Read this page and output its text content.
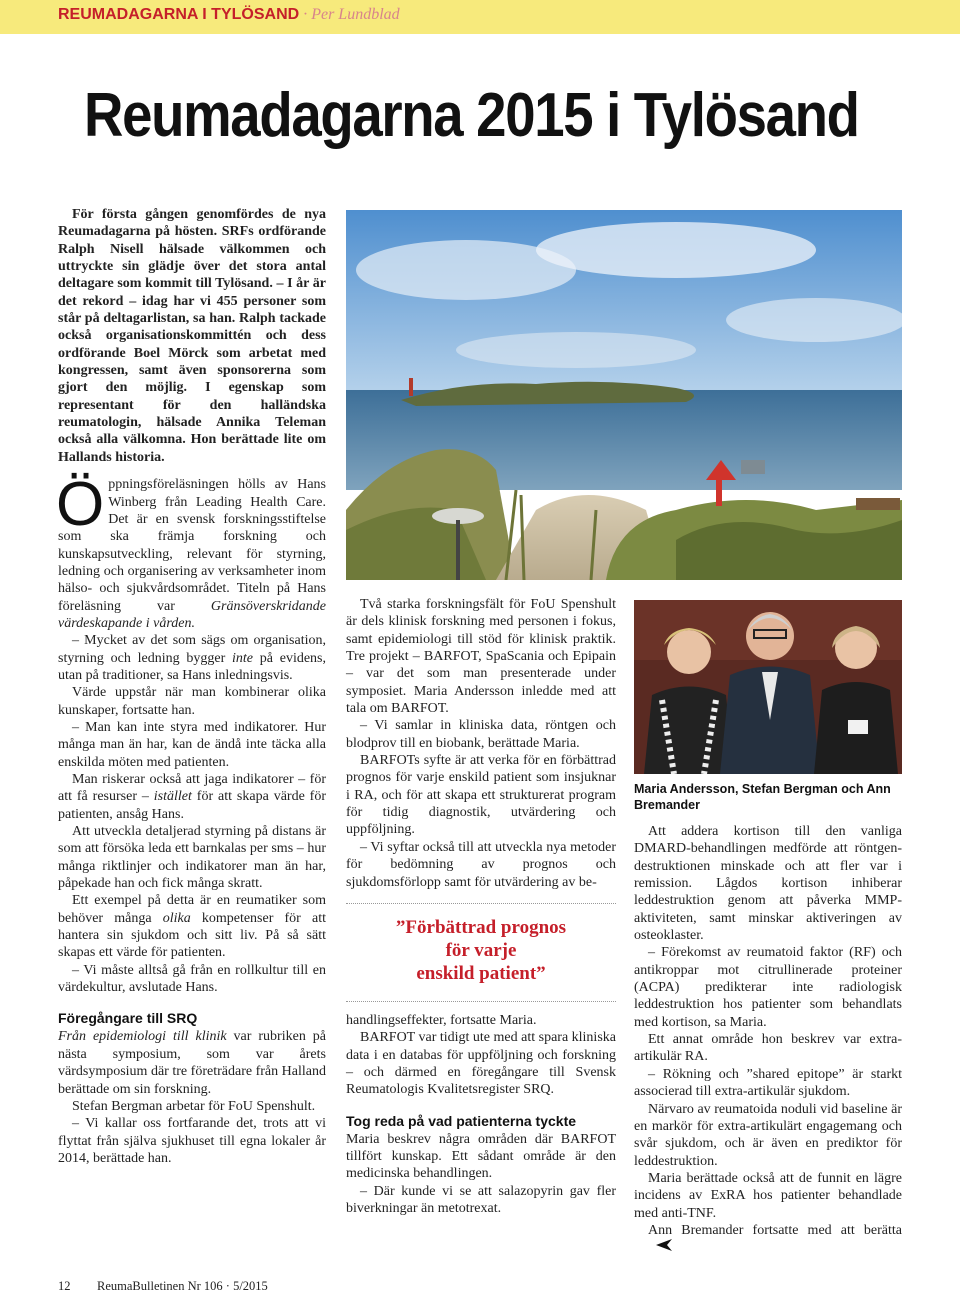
REUMADAGARNA I TYLÖSAND · Per Lundblad
Reumadagarna 2015 i Tylösand

För första gången genomfördes de nya Reumadagarna på hösten. SRFs ordförande Ralph Nisell hälsade välkommen och uttryckte sin glädje över det stora antal deltagare som kommit till Tylösand. – I år är det rekord – idag har vi 455 personer som står på deltagarlistan, sa han. Ralph tackade också organisationskommittén och dess ordförande Boel Mörck som arbetat med kongressen, samt även sponsorerna som gjort den möjlig. I egenskap som representant för den halländska reumatologin, hälsade Annika Teleman också alla välkomna. Hon berättade lite om Hallands historia.

Öppningsföreläsningen hölls av Hans Winberg från Leading Health Care. Det är en svensk forskningsstiftelse som ska främja forskning och kunskapsutveckling, relevant för styrning, ledning och organisering av verksamheter inom hälso- och sjukvårdsområdet. Titeln på Hans föreläsning var Gränsöverskridande värdeskapande i vården.

– Mycket av det som sägs om organisation, styrning och ledning bygger inte på evidens, utan på traditioner, sa Hans inledningsvis.

Värde uppstår när man kombinerar olika kunskaper, fortsatte han.

– Man kan inte styra med indikatorer. Hur många man än har, kan de ändå inte täcka alla enskilda möten med patienten.

Man riskerar också att jaga indikatorer – för att få resurser – istället för att skapa värde för patienten, ansåg Hans.

Att utveckla detaljerad styrning på distans är som att försöka leda ett barnkalas per sms – hur många riktlinjer och indikatorer man än har, påpekade han och fick många skratt.

Ett exempel på detta är en reumatiker som behöver många olika kompetenser för att hantera sin sjukdom och sitt liv. På så sätt skapas ett värde för patienten.

– Vi måste alltså gå från en rollkultur till en värdekultur, avslutade Hans.

Föregångare till SRQ

Från epidemiologi till klinik var rubriken på nästa symposium, som var årets värdsymposium där tre företrädare från Halland berättade om sin forskning.

Stefan Bergman arbetar för FoU Spenshult.

– Vi kallar oss fortfarande det, trots att vi flyttat från själva sjukhuset till egna lokaler år 2014, berättade han.

Två starka forskningsfält för FoU Spenshult är dels klinisk forskning med personen i fokus, samt epidemiologi till stöd för klinisk praktik. Tre projekt – BARFOT, SpaScania och Epipain – var det som man presenterade under symposiet. Maria Andersson inledde med att tala om BARFOT.

– Vi samlar in kliniska data, röntgen och blodprov till en biobank, berättade Maria.

BARFOTs syfte är att verka för en förbättrad prognos för varje enskild patient som insjuknar i RA, och för att skapa ett strukturerat program för tidig diagnostik, utvärdering och uppföljning.

– Vi syftar också till att utveckla nya metoder för bedömning av prognos och sjukdomsförlopp samt för utvärdering av be-

”Förbättrad prognos
för varje
enskild patient”

handlingseffekter, fortsatte Maria.

BARFOT var tidigt ute med att spara kliniska data i en databas för uppföljning och forskning – och därmed en föregångare till Svensk Reumatologis Kvalitetsregister SRQ.

Tog reda på vad patienterna tyckte

Maria beskrev några områden där BARFOT tillfört kunskap. Ett sådant område är den medicinska behandlingen.

– Där kunde vi se att salazopyrin gav fler biverkningar än metotrexat.

Maria Andersson, Stefan Bergman och Ann Bremander

Att addera kortison till den vanliga DMARD-behandlingen medförde att röntgen-destruktionen minskade och att fler var i remission. Lågdos kortison inhiberar leddestruktion genom att påverka MMP-aktiviteten, samt minskar aktiveringen av osteoklaster.

– Förekomst av reumatoid faktor (RF) och antikroppar mot citrullinerade proteiner (ACPA) predikterar inte radiologisk leddestruktion hos patienter som behandlats med kortison, sa Maria.

Ett annat område hon beskrev var extra-artikulär RA.

– Rökning och ”shared epitope” är starkt associerad till extra-artikulär sjukdom.

Närvaro av reumatoida noduli vid baseline är en markör för extra-artikulärt engagemang och svår sjukdom, och är även en prediktor för leddestruktion.

Maria berättade också att de funnit en lägre incidens av ExRA hos patienter behandlade med anti-TNF.

Ann Bremander fortsatte med att berätta

12 ReumaBulletinen Nr 106 · 5/2015
